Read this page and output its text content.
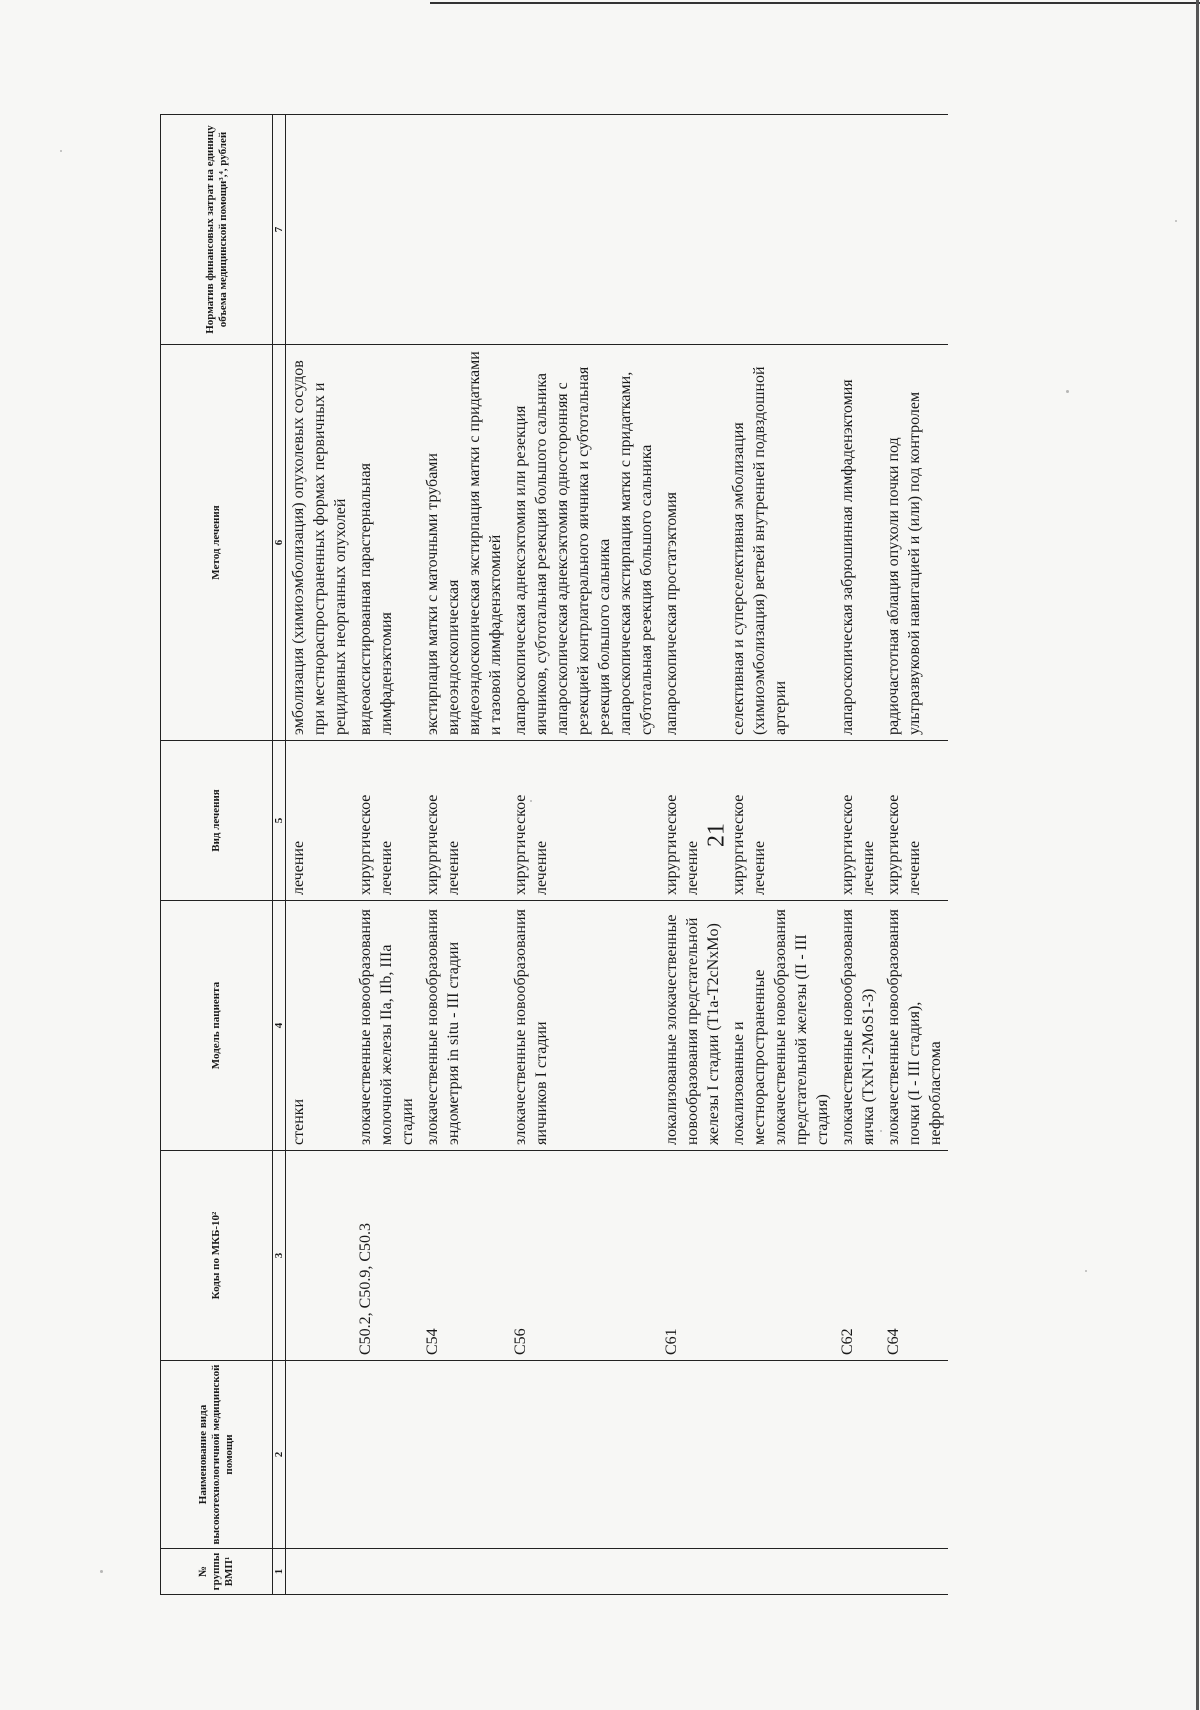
21
№ группы ВМП¹	Наименование вида высокотехнологичной медицинской помощи	Коды по МКБ-10²	Модель пациента	Вид лечения	Метод лечения	Норматив финансовых затрат на единицу объема медицинской помощи³,⁴, рублей
1	2	3	4	5	6	7
			стенки	лечение	эмболизация (химиоэмболизация) опухолевых сосудов при местнораспространенных формах первичных и рецидивных неорганных опухолей	

		C50.2, C50.9, C50.3	злокачественные новообразования молочной железы IIa, IIb, IIIa стадии	хирургическое лечение	видеоассистированная парастернальная лимфаденэктомия	

		C54	злокачественные новообразования эндометрия in situ - III стадии	хирургическое лечение	экстирпация матки с маточными трубами видеоэндоскопическая видеоэндоскопическая экстирпация матки с придатками и тазовой лимфаденэктомией	

		C56	злокачественные новообразования яичников I стадии	хирургическое лечение	лапароскопическая аднексэктомия или резекция яичников, субтотальная резекция большого сальника лапароскопическая аднексэктомия односторонняя с резекцией контрлатерального яичника и субтотальная резекция большого сальника лапароскопическая экстирпация матки с придатками, субтотальная резекция большого сальника	

		C61	локализованные злокачественные новообразования предстательной железы I стадии (T1a-T2cNxMo)	хирургическое лечение	лапароскопическая простатэктомия	

			локализованные и местнораспространенные злокачественные новообразования предстательной железы (II - III стадия)	хирургическое лечение	селективная и суперселективная эмболизация (химиоэмболизация) ветвей внутренней подвздошной артерии	

		C62	злокачественные новообразования яичка (TxN1-2MoS1-3)	хирургическое лечение	лапароскопическая забрюшинная лимфаденэктомия	

		C64	злокачественные новообразования почки (I - III стадия), нефробластома	хирургическое лечение	радиочастотная аблация опухоли почки под ультразвуковой навигацией и (или) под контролем	
